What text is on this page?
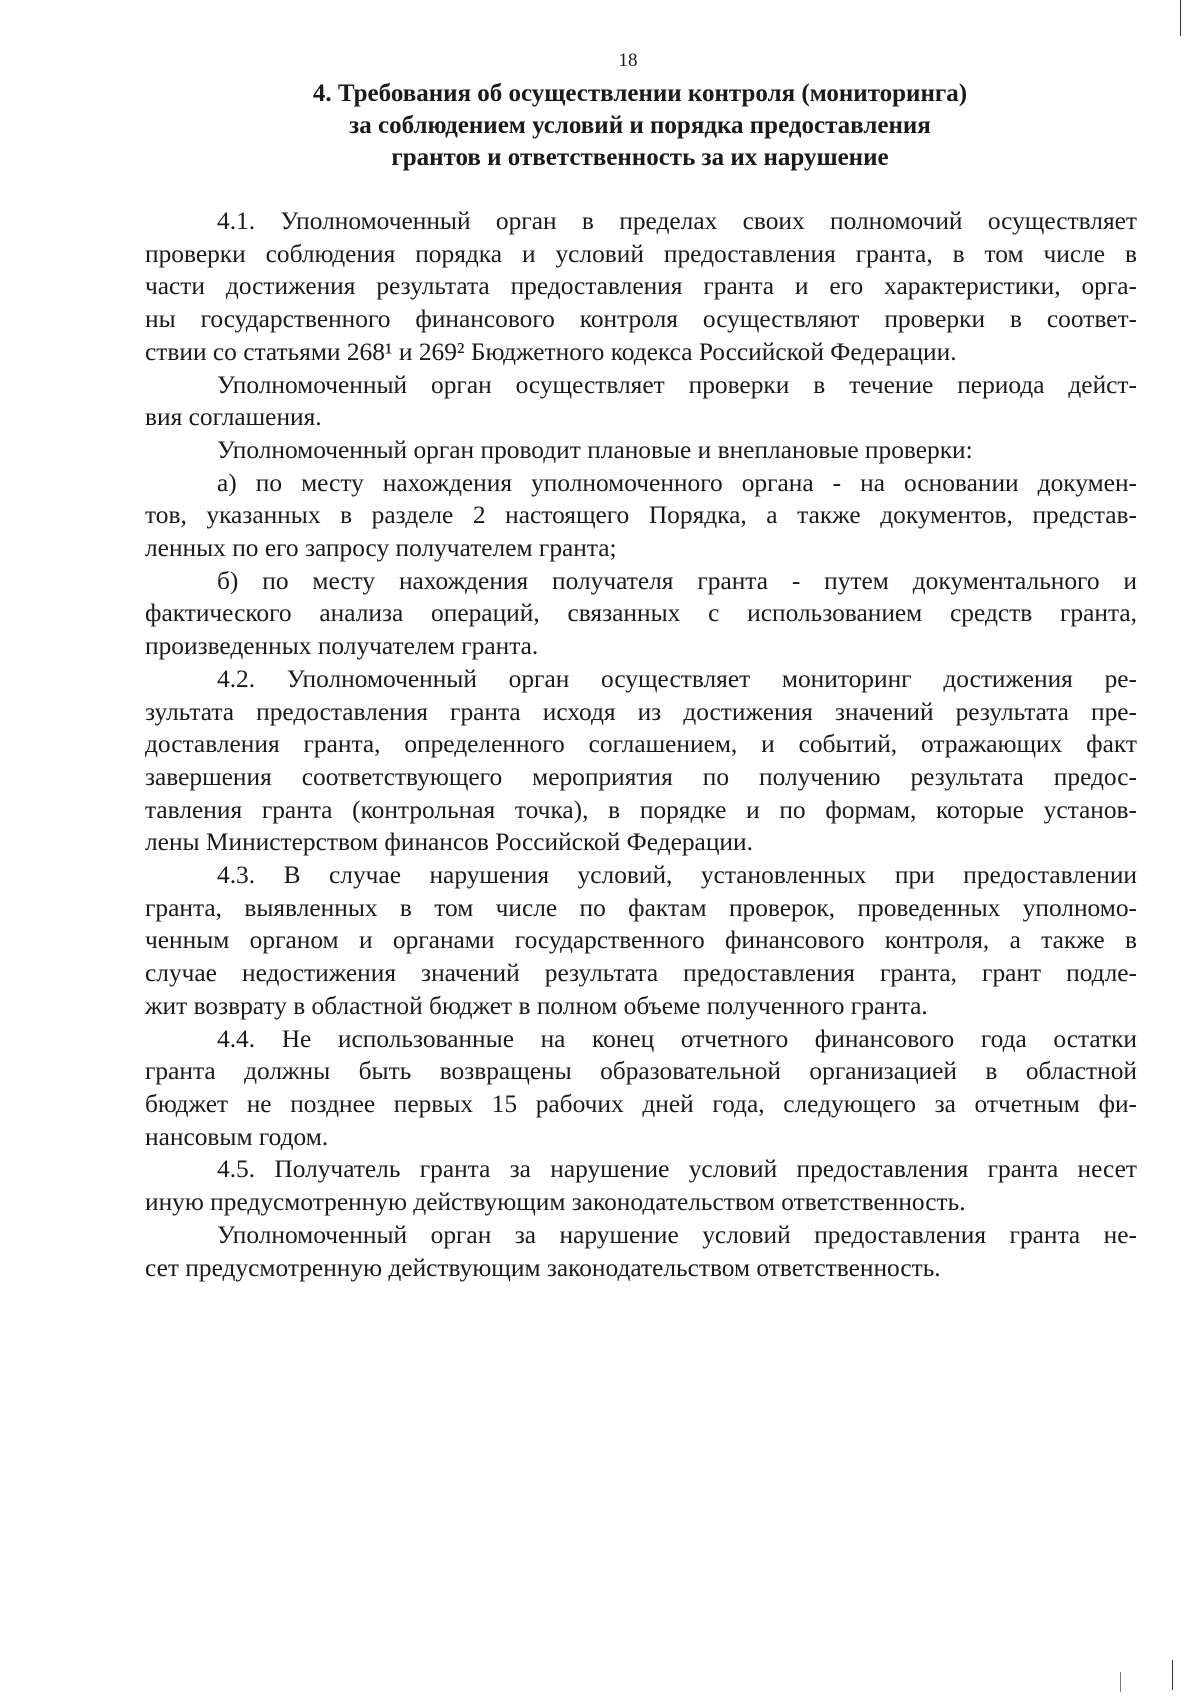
18
4. Требования об осуществлении контроля (мониторинга)
за соблюдением условий и порядка предоставления
грантов и ответственность за их нарушение
4.1. Уполномоченный орган в пределах своих полномочий осуществляет
проверки соблюдения порядка и условий предоставления гранта, в том числе в
части достижения результата предоставления гранта и его характеристики, орга-
ны государственного финансового контроля осуществляют проверки в соответ-
ствии со статьями 268¹ и 269² Бюджетного кодекса Российской Федерации.
Уполномоченный орган осуществляет проверки в течение периода дейст-
вия соглашения.
Уполномоченный орган проводит плановые и внеплановые проверки:
а) по месту нахождения уполномоченного органа - на основании докумен-
тов, указанных в разделе 2 настоящего Порядка, а также документов, представ-
ленных по его запросу получателем гранта;
б) по месту нахождения получателя гранта - путем документального и
фактического анализа операций, связанных с использованием средств гранта,
произведенных получателем гранта.
4.2. Уполномоченный орган осуществляет мониторинг достижения ре-
зультата предоставления гранта исходя из достижения значений результата пре-
доставления гранта, определенного соглашением, и событий, отражающих факт
завершения соответствующего мероприятия по получению результата предос-
тавления гранта (контрольная точка), в порядке и по формам, которые установ-
лены Министерством финансов Российской Федерации.
4.3. В случае нарушения условий, установленных при предоставлении
гранта, выявленных в том числе по фактам проверок, проведенных уполномо-
ченным органом и органами государственного финансового контроля, а также в
случае недостижения значений результата предоставления гранта, грант подле-
жит возврату в областной бюджет в полном объеме полученного гранта.
4.4. Не использованные на конец отчетного финансового года остатки
гранта должны быть возвращены образовательной организацией в областной
бюджет не позднее первых 15 рабочих дней года, следующего за отчетным фи-
нансовым годом.
4.5. Получатель гранта за нарушение условий предоставления гранта несет
иную предусмотренную действующим законодательством ответственность.
Уполномоченный орган за нарушение условий предоставления гранта не-
сет предусмотренную действующим законодательством ответственность.
